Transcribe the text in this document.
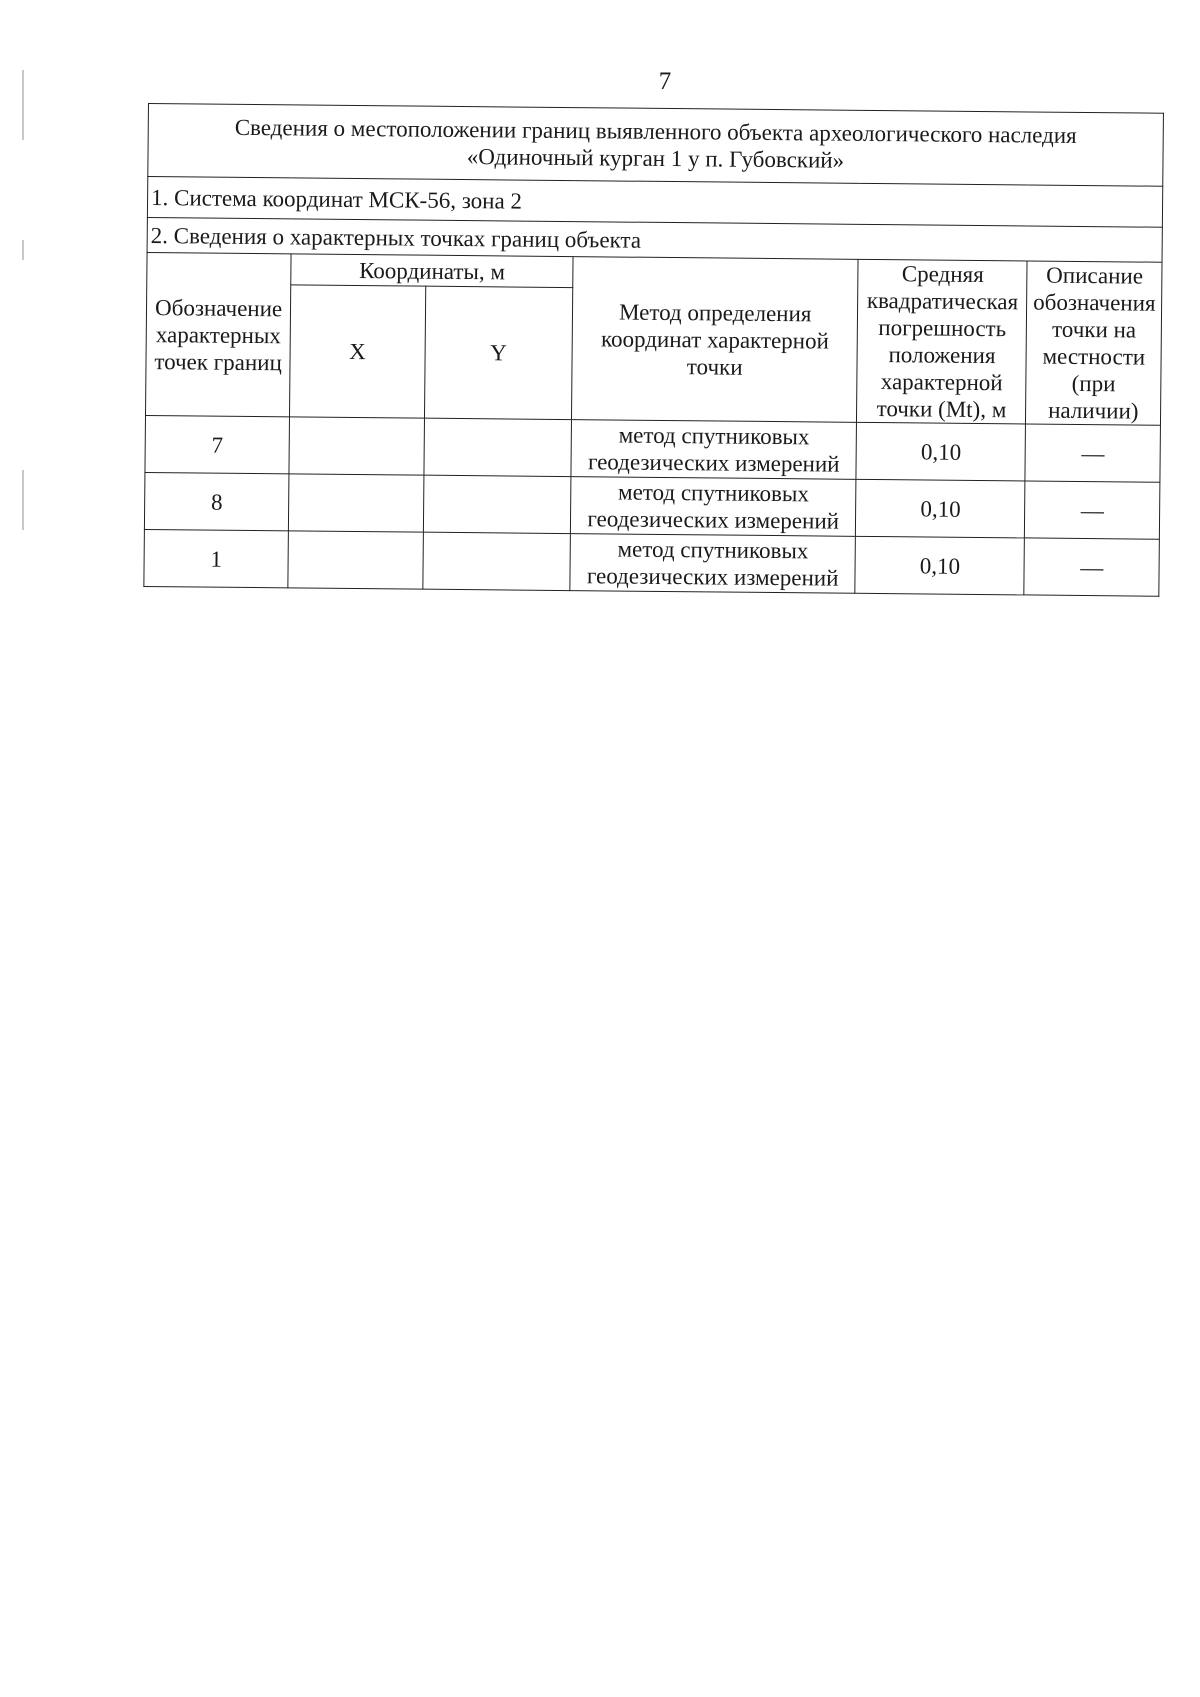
7
Сведения о местоположении границ выявленного объекта археологического наследия
«Одиночный курган 1 у п. Губовский»					

1. Система координат МСК-56, зона 2					
2. Сведения о характерных точках границ объекта					
Обозначение характерных точек границ	Координаты, м		Метод определения координат характерной точки	Средняя квадратическая погрешность положения характерной точки (Mt), м	Описание обозначения точки на местности (при наличии)
	X	Y			
7			метод спутниковых геодезических измерений	0,10	—
8			метод спутниковых геодезических измерений	0,10	—
1			метод спутниковых геодезических измерений	0,10	—
